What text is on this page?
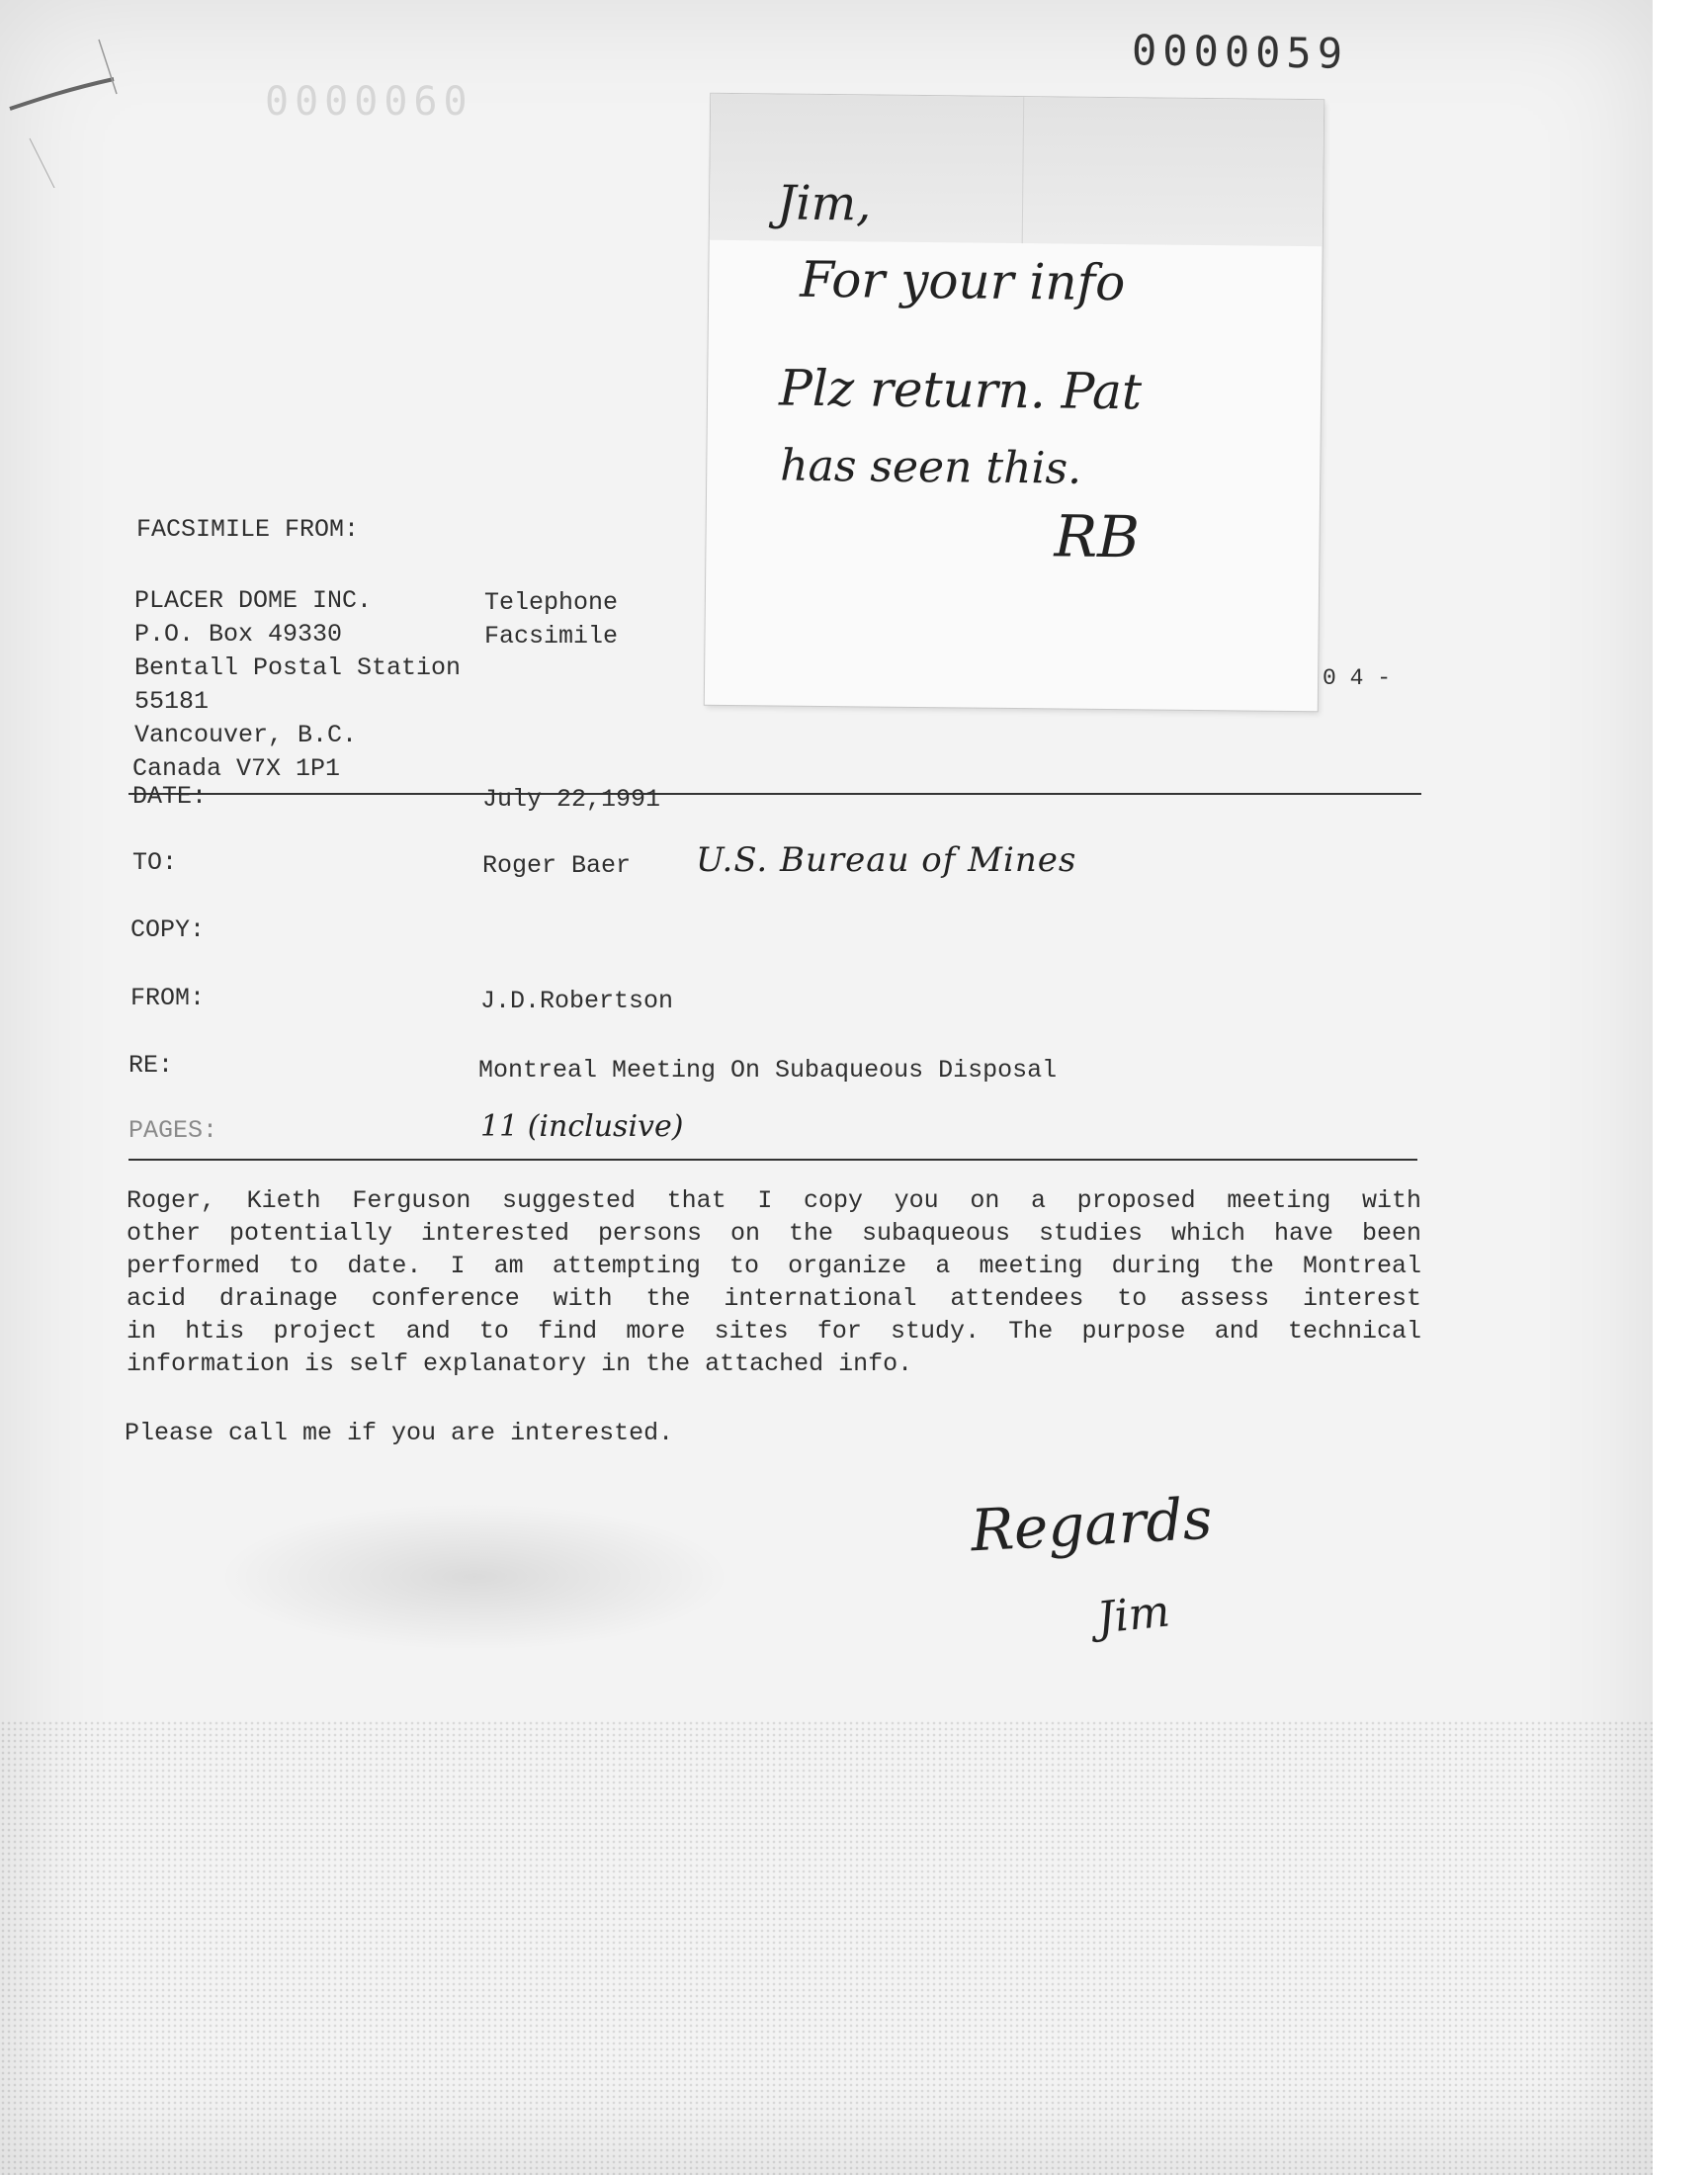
0000060
0000059
FACSIMILE FROM:
PLACER DOME INC.
P.O. Box 49330
Bentall Postal Station
55181
Vancouver, B.C.
Canada V7X 1P1
Telephone
Facsimile
0 4 -
DATE:	July 22,1991
TO:	Roger Baer U.S. Bureau of Mines
COPY:
FROM:	J.D.Robertson
RE:	Montreal Meeting On Subaqueous Disposal
PAGES:	11 (inclusive)
Roger, Kieth Ferguson suggested that I copy you on a proposed meeting with
other potentially interested persons on the subaqueous studies which have been
performed to date. I am attempting to organize a meeting during the Montreal
acid drainage conference with the international attendees to assess interest
in htis project and to find more sites for study. The purpose and technical
information is self explanatory in the attached info.
Please call me if you are interested.
Regards
Jim
Jim,
For your info
Plz return. Pat
has seen this.
RB
